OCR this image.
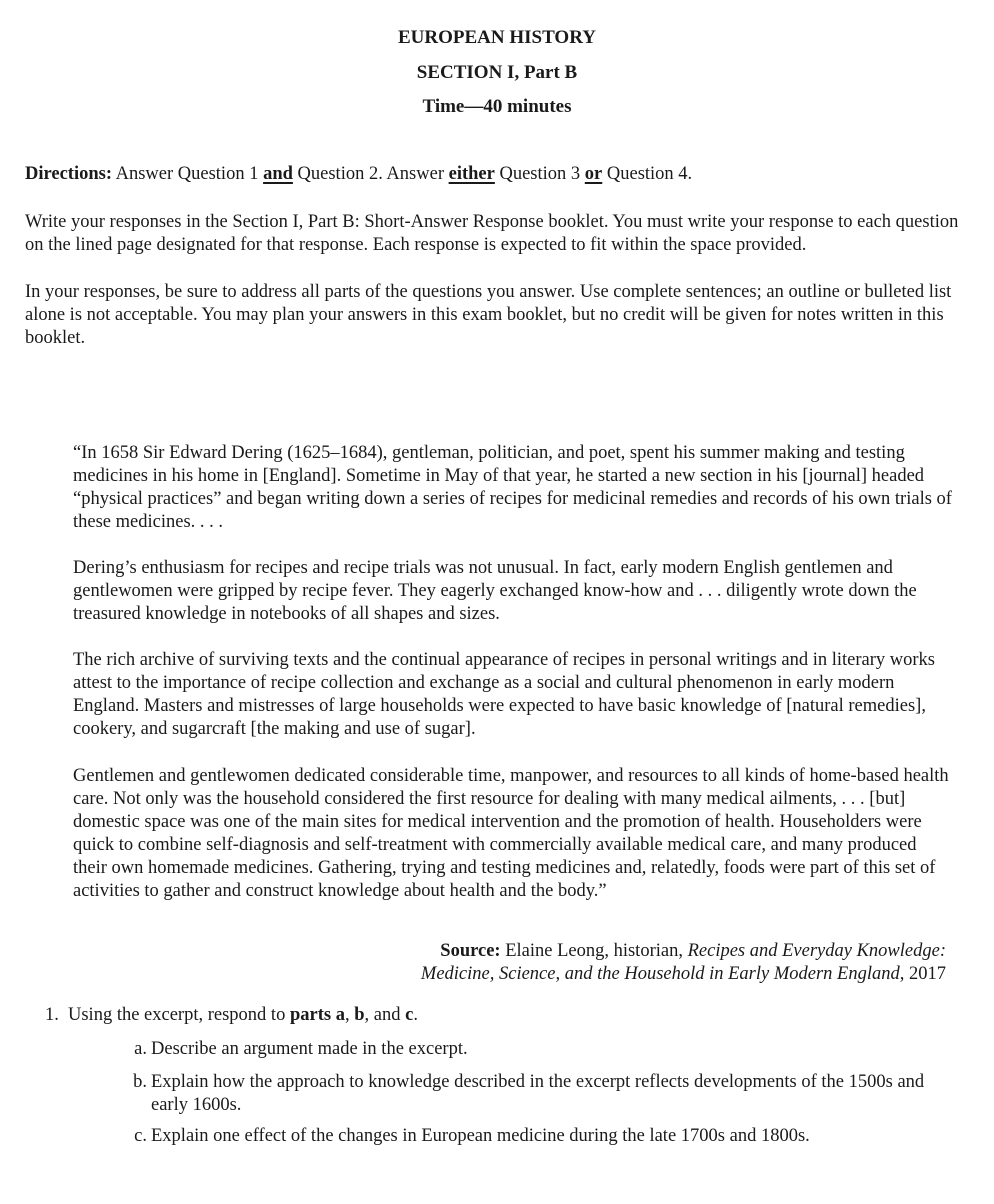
EUROPEAN HISTORY
SECTION I, Part B
Time—40 minutes
Directions: Answer Question 1 and Question 2. Answer either Question 3 or Question 4.
Write your responses in the Section I, Part B: Short-Answer Response booklet. You must write your response to each question on the lined page designated for that response. Each response is expected to fit within the space provided.
In your responses, be sure to address all parts of the questions you answer. Use complete sentences; an outline or bulleted list alone is not acceptable. You may plan your answers in this exam booklet, but no credit will be given for notes written in this booklet.
“In 1658 Sir Edward Dering (1625–1684), gentleman, politician, and poet, spent his summer making and testing medicines in his home in [England]. Sometime in May of that year, he started a new section in his [journal] headed “physical practices” and began writing down a series of recipes for medicinal remedies and records of his own trials of these medicines. . . .
Dering’s enthusiasm for recipes and recipe trials was not unusual. In fact, early modern English gentlemen and gentlewomen were gripped by recipe fever. They eagerly exchanged know-how and . . . diligently wrote down the treasured knowledge in notebooks of all shapes and sizes.
The rich archive of surviving texts and the continual appearance of recipes in personal writings and in literary works attest to the importance of recipe collection and exchange as a social and cultural phenomenon in early modern England. Masters and mistresses of large households were expected to have basic knowledge of [natural remedies], cookery, and sugarcraft [the making and use of sugar].
Gentlemen and gentlewomen dedicated considerable time, manpower, and resources to all kinds of home-based health care. Not only was the household considered the first resource for dealing with many medical ailments, . . . [but] domestic space was one of the main sites for medical intervention and the promotion of health. Householders were quick to combine self-diagnosis and self-treatment with commercially available medical care, and many produced their own homemade medicines. Gathering, trying and testing medicines and, relatedly, foods were part of this set of activities to gather and construct knowledge about health and the body.”
Source: Elaine Leong, historian, Recipes and Everyday Knowledge:
Medicine, Science, and the Household in Early Modern England, 2017
1. Using the excerpt, respond to parts a, b, and c.
a. Describe an argument made in the excerpt.
b. Explain how the approach to knowledge described in the excerpt reflects developments of the 1500s and early 1600s.
c. Explain one effect of the changes in European medicine during the late 1700s and 1800s.
